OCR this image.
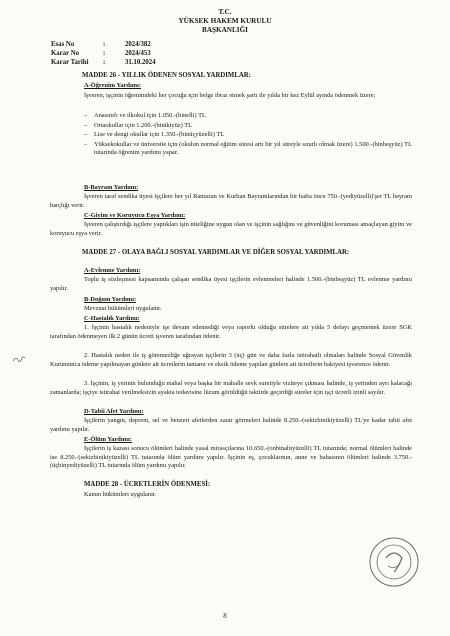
T.C.
YÜKSEK HAKEM KURULU
BAŞKANLIĞI
Esas No	:	2024/382
Karar No	:	2024/453
Karar Tarihi	:	31.10.2024
MADDE 26 - YILLIK ÖDENEN SOSYAL YARDIMLAR:
A-Öğrenim Yardımı:
İşveren, işçinin öğrenimdeki her çocuğu için belge ibraz etmek şartı ile yılda bir kez Eylül ayında ödenmek üzere;
– Anasınıfı ve ilkokul için 1.050.-(binelli) TL
– Ortaokullar için 1.200.-(binikiyüz) TL
– Lise ve dengi okullar için 1.350.-(binüçyüzelli) TL
– Yüksekokullar ve üniversite için (okulun normal eğitim süresi artı bir yıl süreyle sınırlı olmak üzere) 1.500.-(binbeşyüz) TL tutarında öğrenim yardımı yapar.
B-Bayram Yardımı:
İşveren taraf sendika üyesi işçilere her yıl Ramazan ve Kurban Bayramlarından bir hafta önce 750.-(yediyüzelli)'şer TL bayram harçlığı verir.
C-Giyim ve Koruyucu Eşya Yardımı:
İşveren çalıştırdığı işçilere yaptıkları işin niteliğine uygun olan ve işçinin sağlığını ve güvenliğini koruması amaçlayan giyim ve koruyucu eşya verir.
MADDE 27 - OLAYA BAĞLI SOSYAL YARDIMLAR VE DİĞER SOSYAL YARDIMLAR:
A-Evlenme Yardımı:
Toplu iş sözleşmesi kapsamında çalışan sendika üyesi işçilerin evlenmeleri halinde 1.500.-(binbeşyüz) TL evlenme yardımı yapılır.
B-Doğum Yardımı:
Mevzuat hükümleri uygulanır.
C-Hastalık Yardımı:
1. İşçinin hastalık nedeniyle işe devam edemediği veya raporlu olduğu sürelere ait yılda 5 defayı geçmemek üzere SGK tarafından ödenmeyen ilk 2 günün ücreti işveren tarafından ödenir.
2. Hastalık neden ile iş göremezliğe uğrayan işçilerin 3 (üç) gün ve daha fazla istirahatli olmaları halinde Sosyal Güvenlik Kurumunca ödeme yapılmayan günlere ait ücretlerin tamamı ve eksik ödeme yapılan günlere ait ücretlerin bakiyesi işverence ödenir.
3. İşçinin, iş yerinin bulunduğu mahal veya başka bir mahalle sevk suretiyle viziteye çıkması halinde, iş yerinden ayrı kalacağı zamanlarda; işçiye istirahat verilmeksizin ayakta tedavisine lüzum görüldüğü taktirde geçirdiği süreler için işçi ücretli izinli sayılır.
D-Tabii Afet Yardımı:
İşçilerin yangın, deprem, sel ve benzeri afetlerden zarar görmeleri halinde 8.250.-(sekizbinikiyüzelli) TL'ye kadar tabii afet yardımı yapılır.
E-Ölüm Yardımı:
İşçilerin iş kazası sonucu ölümleri halinde yasal mirasçılarına 10.650.-(onbinaltıyüzelli) TL tutarında; normal ölümleri halinde ise 8.250.-(sekizbinikiyüzelli) TL tutarında ölüm yardımı yapılır. İşçinin eş, çocuklarının, anne ve babasının ölümleri halinde 3.750.-(üçbinyediyüzelli) TL tutarında ölüm yardımı yapılır.
MADDE 28 - ÜCRETLERİN ÖDENMESİ:
Kanun hükümleri uygulanır.
8
